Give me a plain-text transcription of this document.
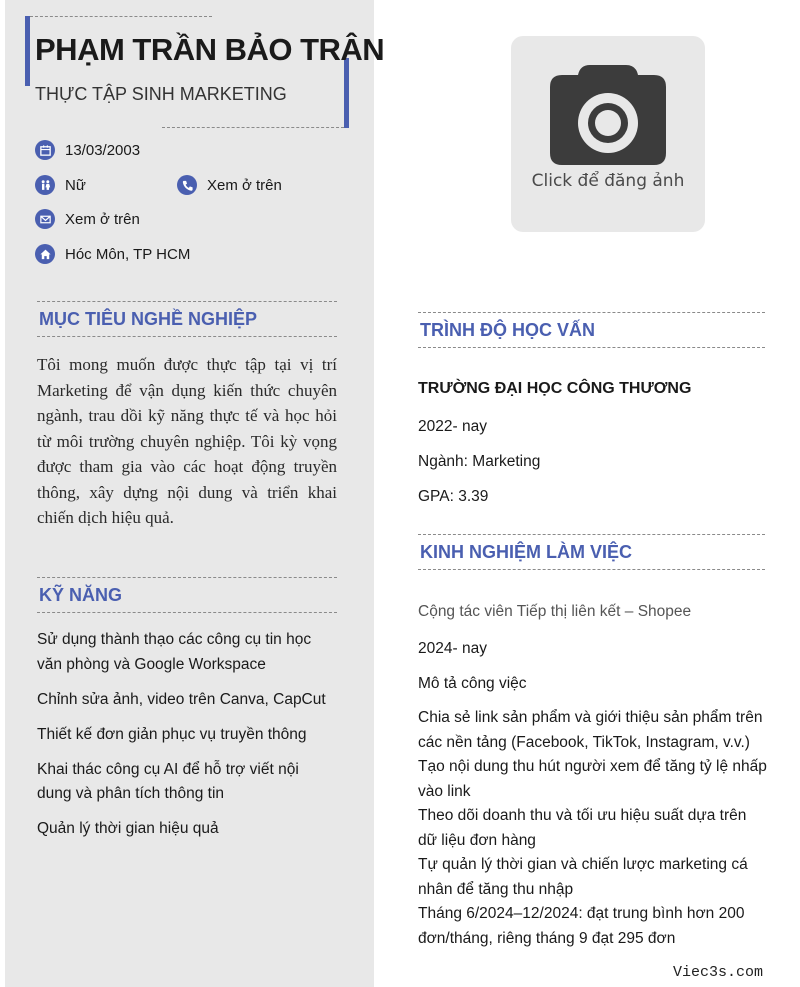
PHẠM TRẦN BẢO TRÂN
THỰC TẬP SINH MARKETING
13/03/2003
Nữ	Xem ở trên
Xem ở trên
Hóc Môn, TP HCM
MỤC TIÊU NGHỀ NGHIỆP
Tôi mong muốn được thực tập tại vị trí Marketing để vận dụng kiến thức chuyên ngành, trau dồi kỹ năng thực tế và học hỏi từ môi trường chuyên nghiệp. Tôi kỳ vọng được tham gia vào các hoạt động truyền thông, xây dựng nội dung và triển khai chiến dịch hiệu quả.
KỸ NĂNG
Sử dụng thành thạo các công cụ tin học văn phòng và Google Workspace
Chỉnh sửa ảnh, video trên Canva, CapCut
Thiết kế đơn giản phục vụ truyền thông
Khai thác công cụ AI để hỗ trợ viết nội dung và phân tích thông tin
Quản lý thời gian hiệu quả
Click để đăng ảnh
TRÌNH ĐỘ HỌC VẤN
TRƯỜNG ĐẠI HỌC CÔNG THƯƠNG
2022- nay
Ngành: Marketing
GPA: 3.39
KINH NGHIỆM LÀM VIỆC
Cộng tác viên Tiếp thị liên kết – Shopee
2024- nay
Mô tả công việc
Chia sẻ link sản phẩm và giới thiệu sản phẩm trên các nền tảng (Facebook, TikTok, Instagram, v.v.)
Tạo nội dung thu hút người xem để tăng tỷ lệ nhấp vào link
Theo dõi doanh thu và tối ưu hiệu suất dựa trên dữ liệu đơn hàng
Tự quản lý thời gian và chiến lược marketing cá nhân để tăng thu nhập
Tháng 6/2024–12/2024: đạt trung bình hơn 200 đơn/tháng, riêng tháng 9 đạt 295 đơn
Viec3s.com
